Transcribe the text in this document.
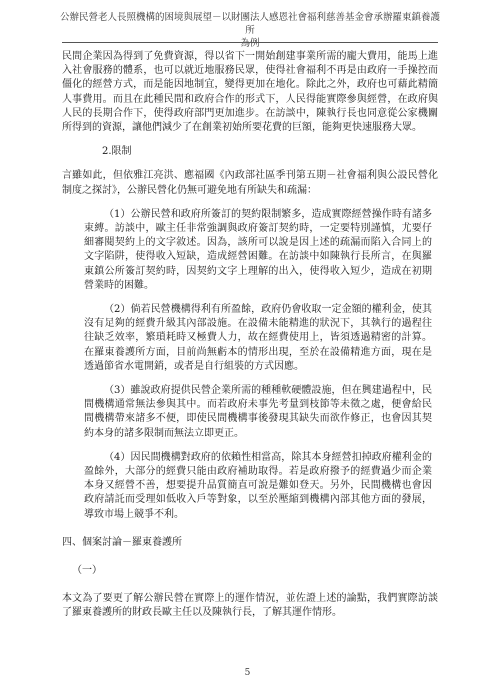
公辦民營老人長照機構的困境與展望－以財團法人感恩社會福利慈善基金會承辦羅東鎮養護所
為例

民間企業因為得到了免費資源，得以省下一開始創建事業所需的龐大費用，能馬上進入社會服務的體系，也可以就近地服務民眾，使得社會福利不再是由政府一手操控而僵化的經營方式，而是能因地制宜，變得更加在地化。除此之外，政府也可藉此精簡人事費用。而且在此種民間和政府合作的形式下，人民得能實際參與經營，在政府與人民的長期合作下，使得政府部門更加進步。在訪談中，陳執行長也同意從公家機關所得到的資源，讓他們減少了在創業初始所要花費的巨額，能夠更快速服務大眾。

2.限制

言雖如此，但依雅江亮洪、應福國《內政部社區季刊第五期－社會福利與公設民營化制度之探討》，公辦民營化仍無可避免地有所缺失和疏漏：

（1）公辦民營和政府所簽訂的契約限制繁多，造成實際經營操作時有諸多束縛。訪談中，歐主任非常強調與政府簽訂契約時，一定要特別謹慎，尤要仔細審閱契約上的文字敘述。因為，該所可以說是因上述的疏漏而陷入合同上的文字陷阱，使得收入短缺，造成經營困難。在訪談中如陳執行長所言，在與羅東鎮公所簽訂契約時，因契約文字上理解的出入，使得收入短少，造成在初期營業時的困難。

（2）倘若民營機構得利有所盈餘，政府仍會收取一定金額的權利金，使其沒有足夠的經費升級其內部設施。在設備未能精進的狀況下，其執行的過程往往缺乏效率，繁瑣耗時又極費人力，故在經費使用上，皆須透過精密的計算。在羅東養護所方面，目前尚無虧本的情形出現，至於在設備精進方面，現在是透過節省水電開銷，或者是自行組裝的方式因應。

（3）雖說政府提供民營企業所需的種種軟硬體設施，但在興建過程中，民間機構通常無法參與其中。而若政府未事先考量到枝節等未徵之處，便會給民間機構帶來諸多不便，即使民間機構事後發現其缺失而欲作修正，也會因其契約本身的諸多限制而無法立即更正。

（4）因民間機構對政府的依賴性相當高，除其本身經營扣掉政府權利金的盈餘外，大部分的經費只能由政府補助取得。若是政府撥予的經費過少而企業本身又經營不善，想要提升品質簡直可說是難如登天。另外，民間機構也會因政府請託而受理如低收入戶等對象，以至於壓縮到機構內部其他方面的發展，導致市場上競爭不利。

四、個案討論－羅東養護所

（一）

本文為了要更了解公辦民營在實際上的運作情況，並佐證上述的論點，我們實際訪談了羅東養護所的財政長歐主任以及陳執行長，了解其運作情形。

5
